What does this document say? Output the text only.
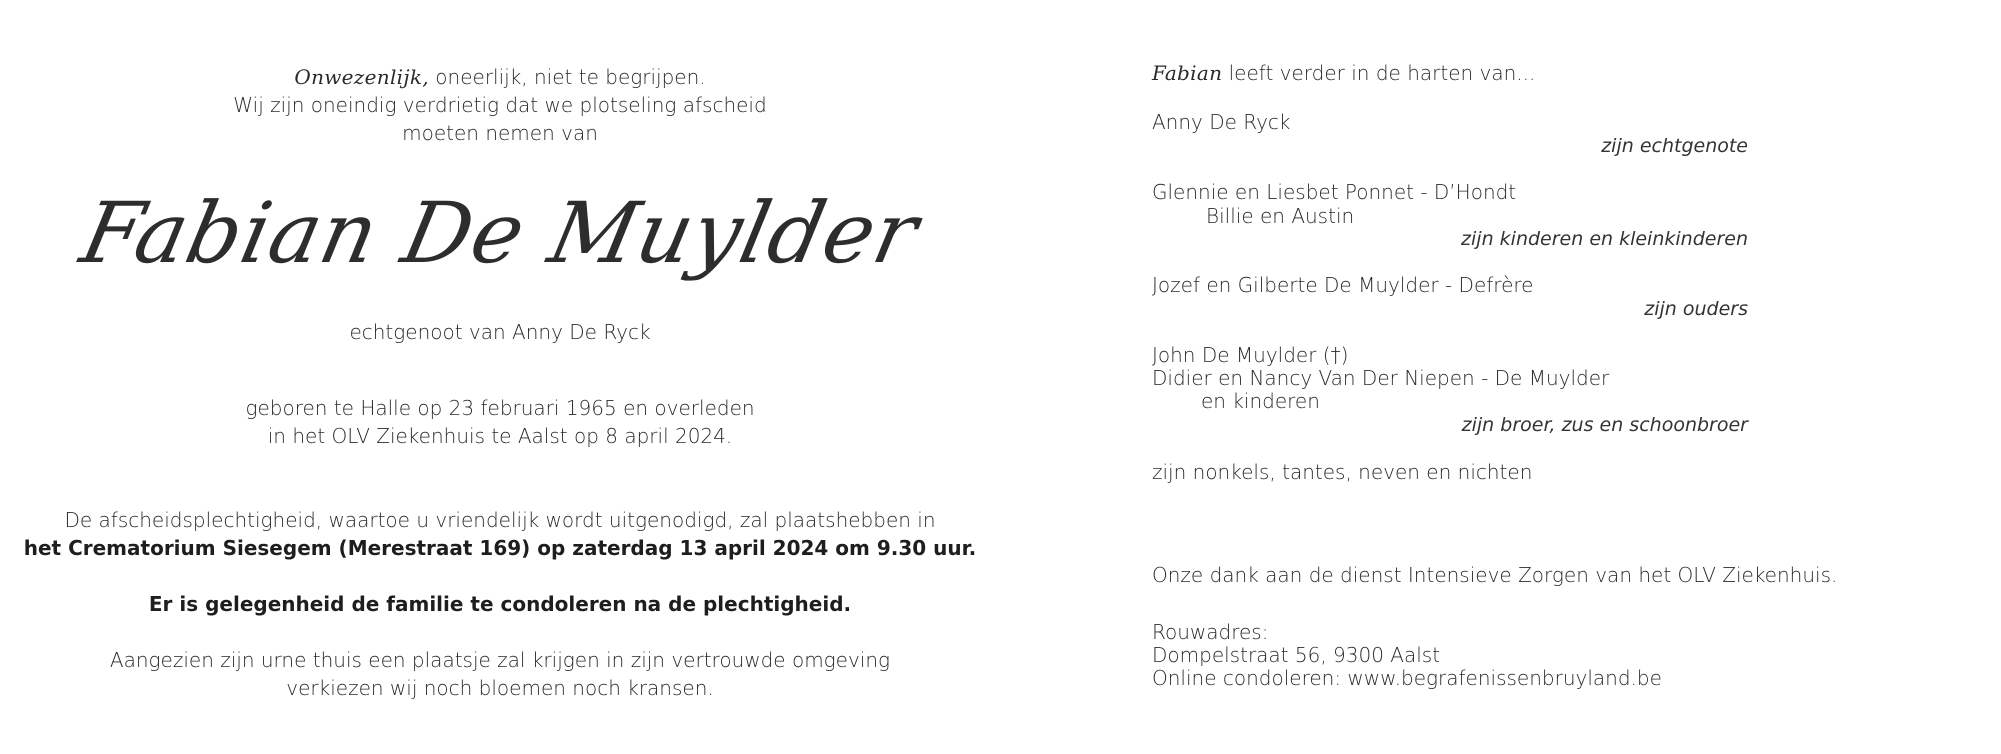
Onwezenlijk, oneerlijk, niet te begrijpen.
Wij zijn oneindig verdrietig dat we plotseling afscheid
moeten nemen van
Fabian De Muylder
echtgenoot van Anny De Ryck
geboren te Halle op 23 februari 1965 en overleden
in het OLV Ziekenhuis te Aalst op 8 april 2024.
De afscheidsplechtigheid, waartoe u vriendelijk wordt uitgenodigd, zal plaatshebben in
het Crematorium Siesegem (Merestraat 169) op zaterdag 13 april 2024 om 9.30 uur.
Er is gelegenheid de familie te condoleren na de plechtigheid.
Aangezien zijn urne thuis een plaatsje zal krijgen in zijn vertrouwde omgeving
verkiezen wij noch bloemen noch kransen.
Fabian leeft verder in de harten van...
Anny De Ryck
zijn echtgenote
Glennie en Liesbet Ponnet - D’Hondt
Billie en Austin
zijn kinderen en kleinkinderen
Jozef en Gilberte De Muylder - Defrère
zijn ouders
John De Muylder (†)
Didier en Nancy Van Der Niepen - De Muylder
en kinderen
zijn broer, zus en schoonbroer
zijn nonkels, tantes, neven en nichten
Onze dank aan de dienst Intensieve Zorgen van het OLV Ziekenhuis.
Rouwadres:
Dompelstraat 56, 9300 Aalst
Online condoleren: www.begrafenissenbruyland.be
